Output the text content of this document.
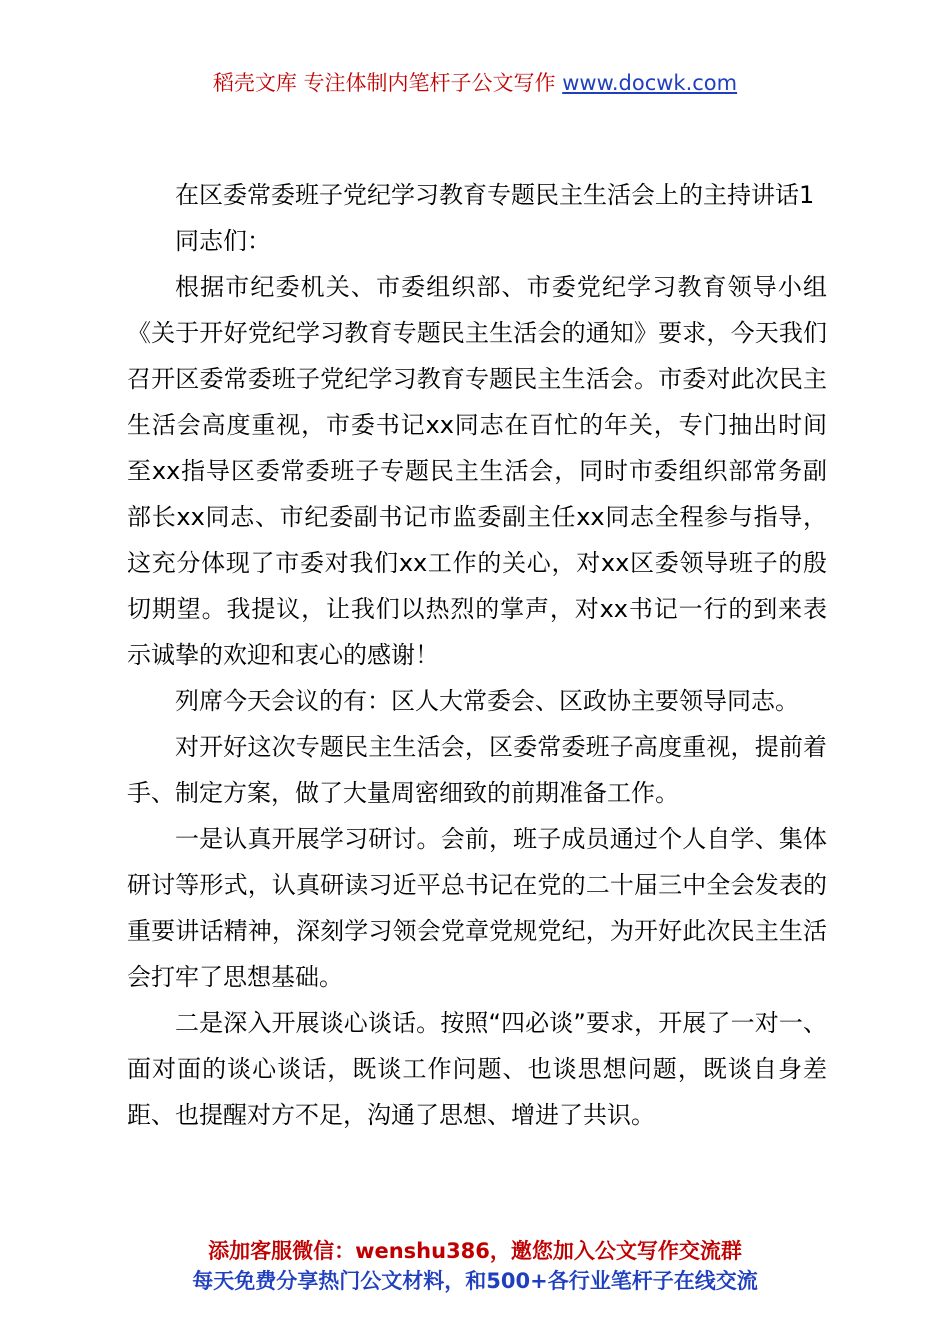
稻壳文库 专注体制内笔杆子公文写作 www.docwk.com

在区委常委班子党纪学习教育专题民主生活会上的主持讲话1

同志们：

根据市纪委机关、市委组织部、市委党纪学习教育领导小组《关于开好党纪学习教育专题民主生活会的通知》要求，今天我们召开区委常委班子党纪学习教育专题民主生活会。市委对此次民主生活会高度重视，市委书记xx同志在百忙的年关，专门抽出时间至xx指导区委常委班子专题民主生活会，同时市委组织部常务副部长xx同志、市纪委副书记市监委副主任xx同志全程参与指导，这充分体现了市委对我们xx工作的关心，对xx区委领导班子的殷切期望。我提议，让我们以热烈的掌声，对xx书记一行的到来表示诚挚的欢迎和衷心的感谢！

列席今天会议的有：区人大常委会、区政协主要领导同志。

对开好这次专题民主生活会，区委常委班子高度重视，提前着手、制定方案，做了大量周密细致的前期准备工作。

一是认真开展学习研讨。会前，班子成员通过个人自学、集体研讨等形式，认真研读习近平总书记在党的二十届三中全会发表的重要讲话精神，深刻学习领会党章党规党纪，为开好此次民主生活会打牢了思想基础。

二是深入开展谈心谈话。按照“四必谈”要求，开展了一对一、面对面的谈心谈话，既谈工作问题、也谈思想问题，既谈自身差距、也提醒对方不足，沟通了思想、增进了共识。

添加客服微信：wenshu386，邀您加入公文写作交流群
每天免费分享热门公文材料，和500+各行业笔杆子在线交流
